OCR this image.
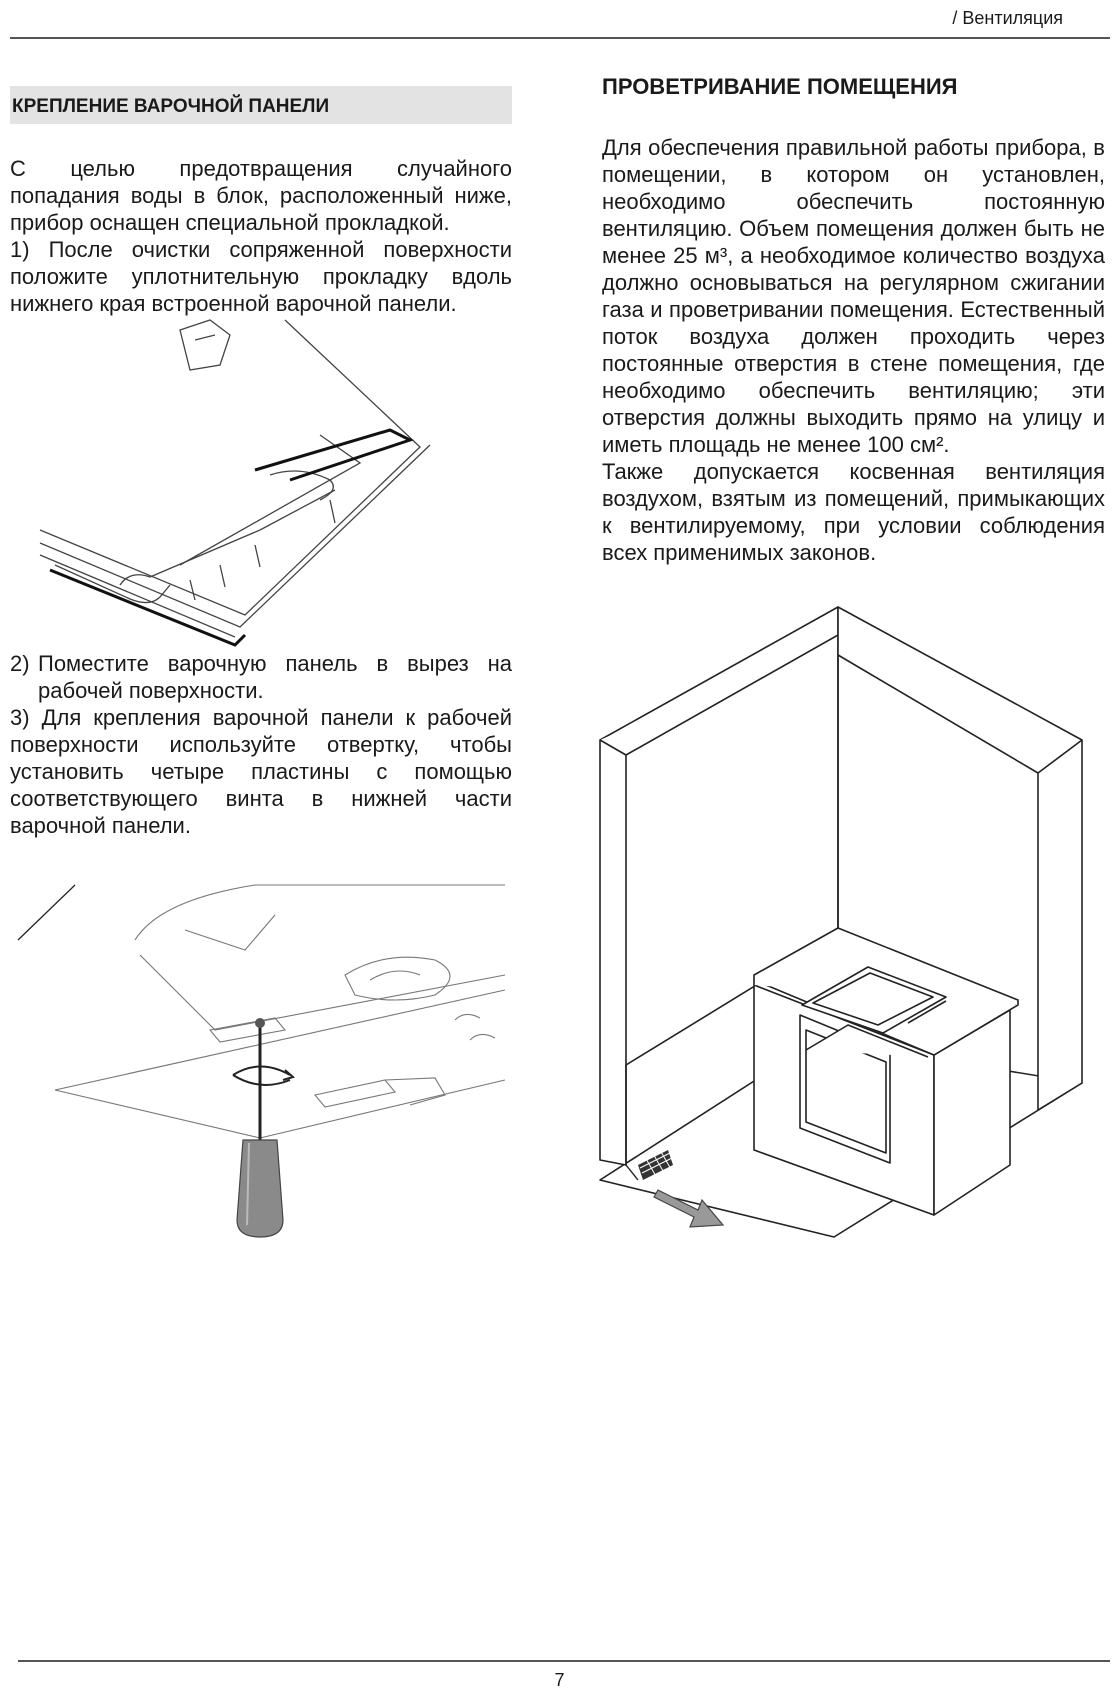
/ Вентиляция
КРЕПЛЕНИЕ ВАРОЧНОЙ ПАНЕЛИ

С целью предотвращения случайного попадания воды в блок, расположенный ниже, прибор оснащен специальной прокладкой.

1) После очистки сопряженной поверхности положите уплотнительную прокладку вдоль нижнего края встроенной варочной панели.

2) Поместите варочную панель в вырез на рабочей поверхности.

3) Для крепления варочной панели к рабочей поверхности используйте отвертку, чтобы установить четыре пластины с помощью соответствующего винта в нижней части варочной панели.

ПРОВЕТРИВАНИЕ ПОМЕЩЕНИЯ

Для обеспечения правильной работы прибора, в помещении, в котором он установлен, необходимо обеспечить постоянную вентиляцию. Объем помещения должен быть не менее 25 м³, а необходимое количество воздуха должно основываться на регулярном сжигании газа и проветривании помещения. Естественный поток воздуха должен проходить через постоянные отверстия в стене помещения, где необходимо обеспечить вентиляцию; эти отверстия должны выходить прямо на улицу и иметь площадь не менее 100 см².

Также допускается косвенная вентиляция воздухом, взятым из помещений, примыкающих к вентилируемому, при условии соблюдения всех применимых законов.

7
